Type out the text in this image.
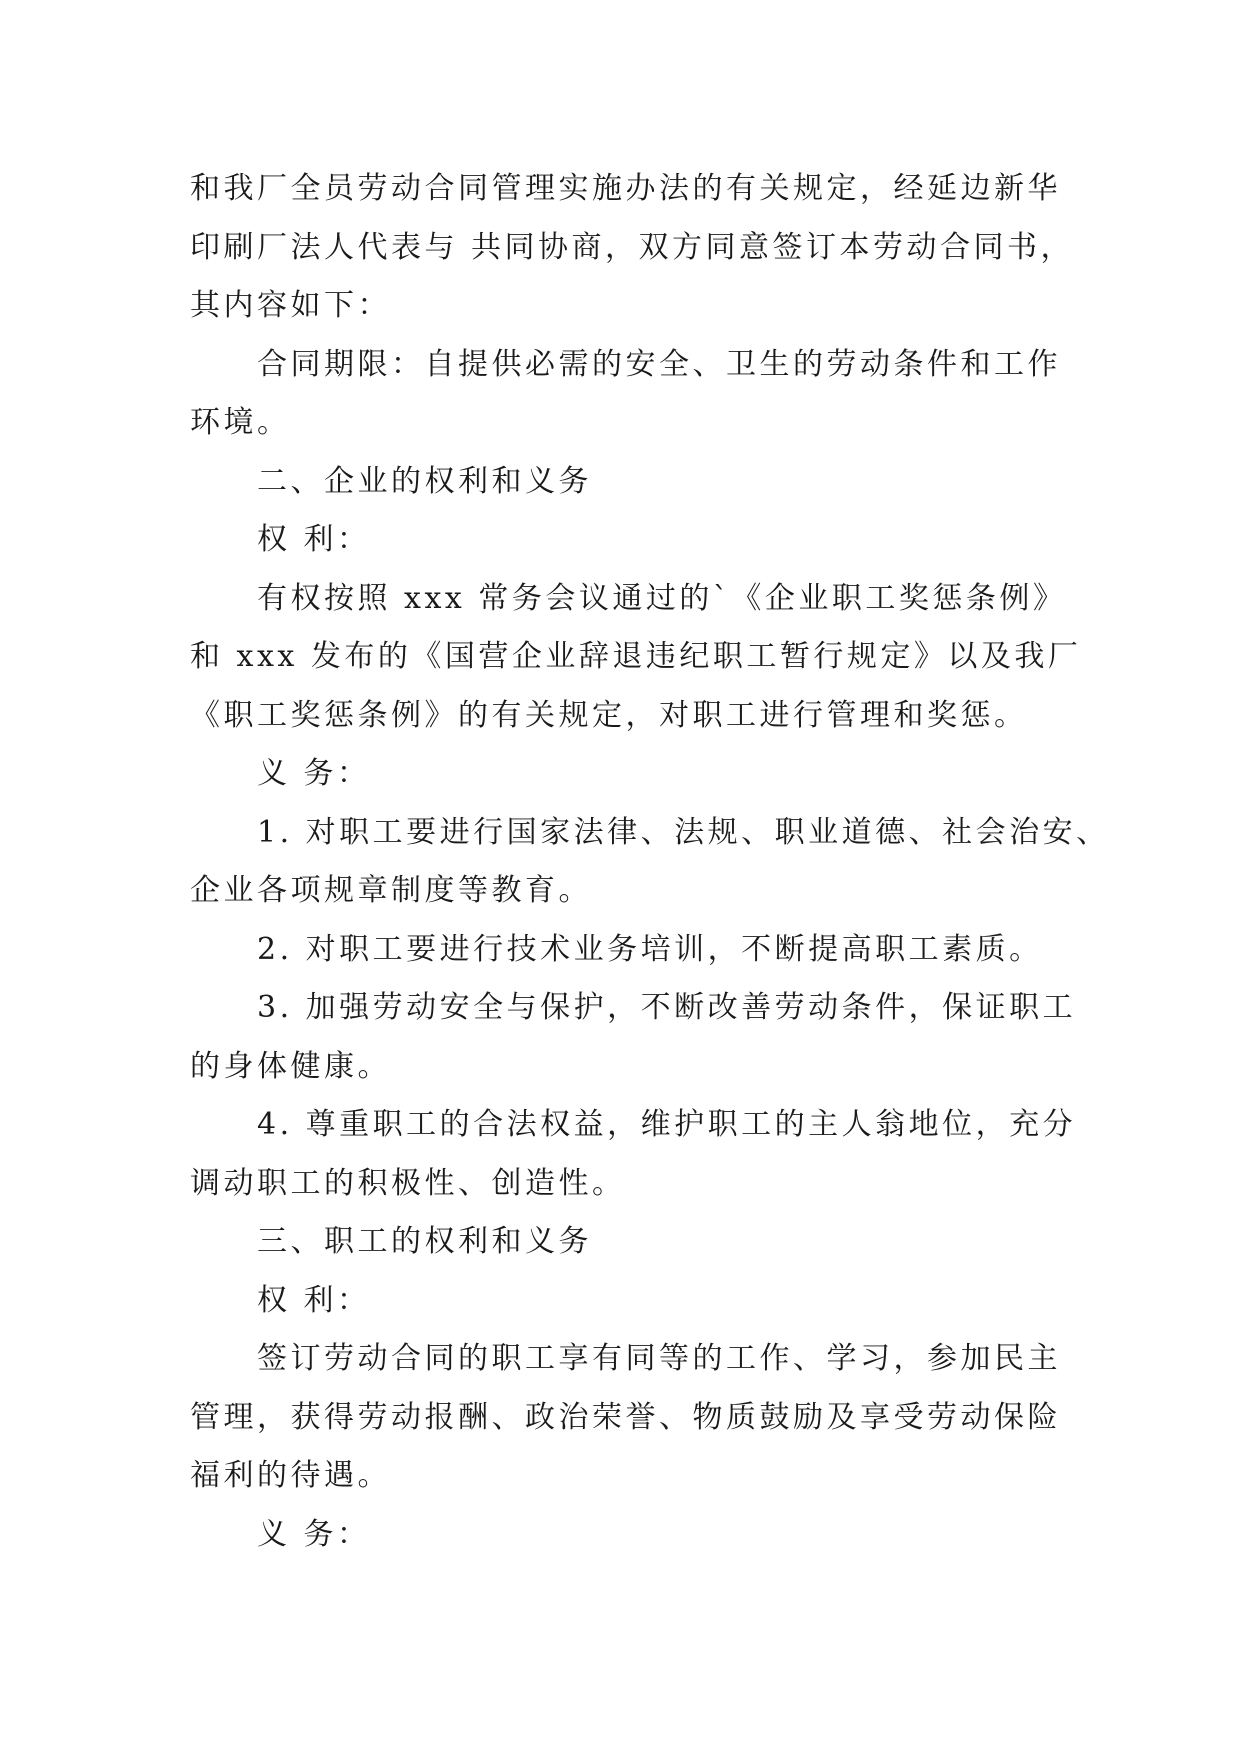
和我厂全员劳动合同管理实施办法的有关规定，经延边新华

印刷厂法人代表与 共同协商，双方同意签订本劳动合同书，

其内容如下：

合同期限：自提供必需的安全、卫生的劳动条件和工作

环境。

二、企业的权利和义务

权 利：

有权按照 xxx 常务会议通过的`《企业职工奖惩条例》

和 xxx 发布的《国营企业辞退违纪职工暂行规定》以及我厂

《职工奖惩条例》的有关规定，对职工进行管理和奖惩。

义 务：

1. 对职工要进行国家法律、法规、职业道德、社会治安、

企业各项规章制度等教育。

2. 对职工要进行技术业务培训，不断提高职工素质。

3. 加强劳动安全与保护，不断改善劳动条件，保证职工

的身体健康。

4. 尊重职工的合法权益，维护职工的主人翁地位，充分

调动职工的积极性、创造性。

三、职工的权利和义务

权 利：

签订劳动合同的职工享有同等的工作、学习，参加民主

管理，获得劳动报酬、政治荣誉、物质鼓励及享受劳动保险

福利的待遇。

义 务：
